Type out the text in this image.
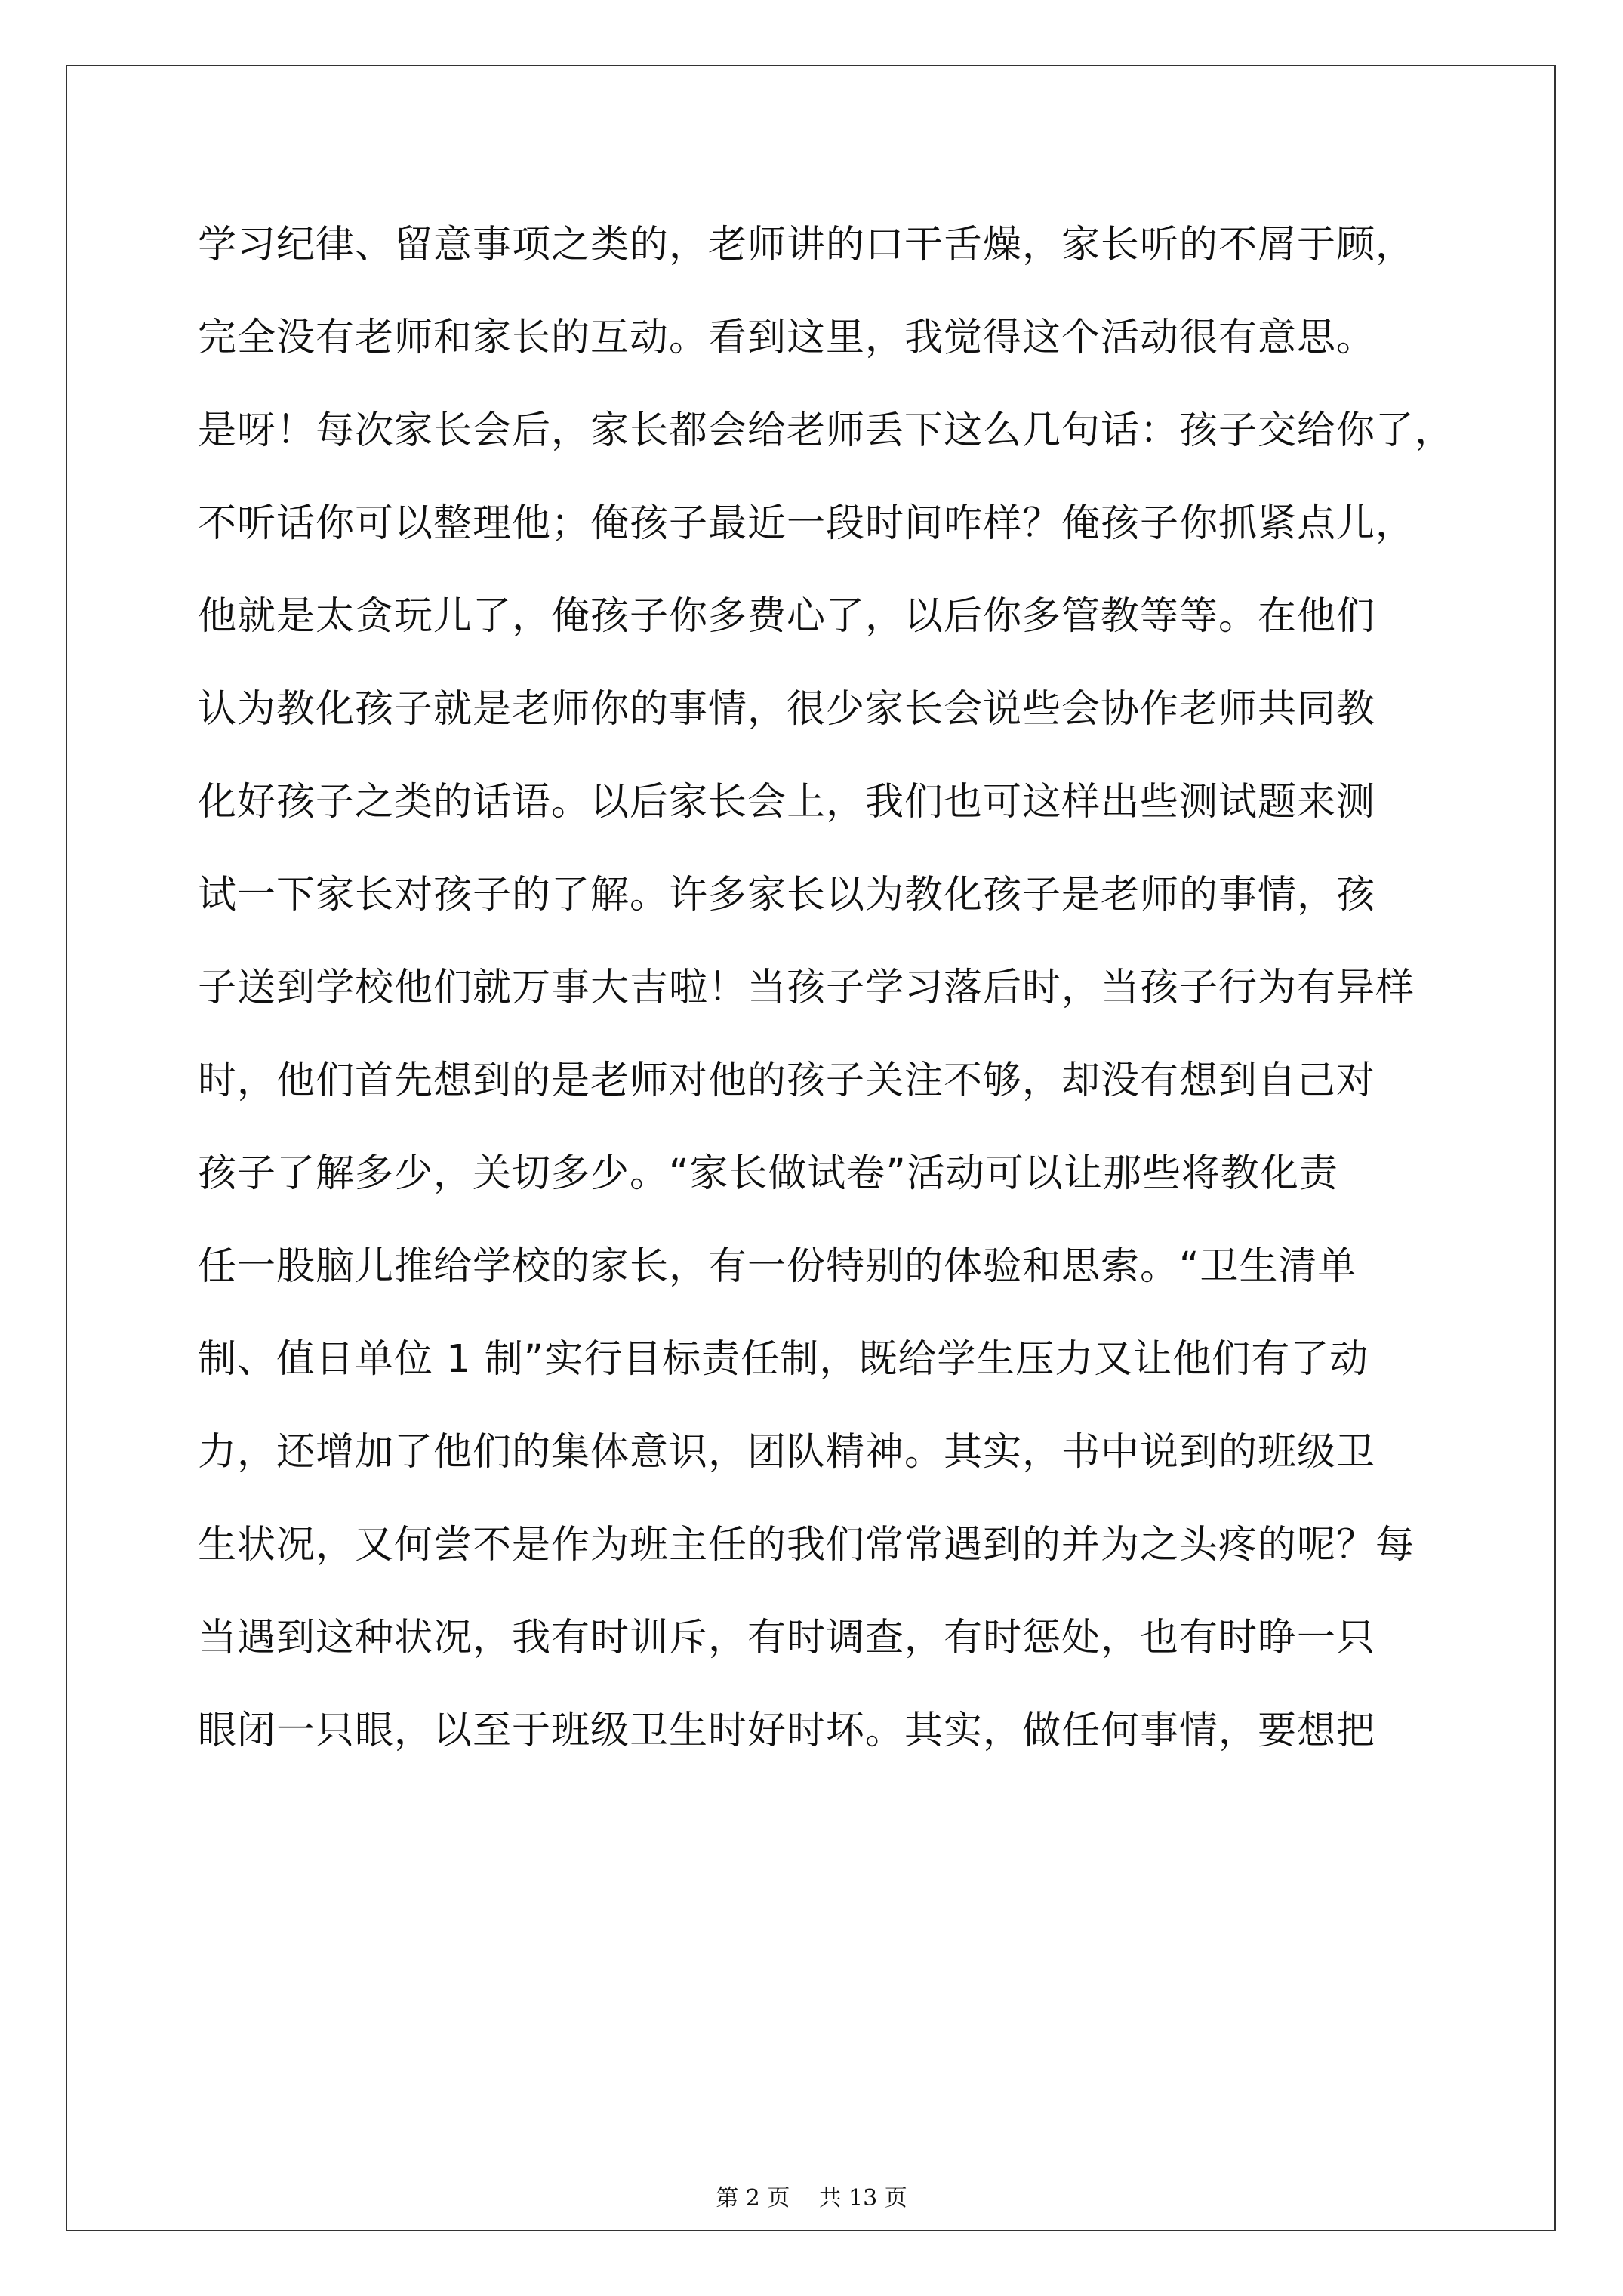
学习纪律、留意事项之类的，老师讲的口干舌燥，家长听的不屑于顾，

完全没有老师和家长的互动。看到这里，我觉得这个活动很有意思。

是呀！每次家长会后，家长都会给老师丢下这么几句话：孩子交给你了，

不听话你可以整理他；俺孩子最近一段时间咋样？俺孩子你抓紧点儿，

他就是太贪玩儿了，俺孩子你多费心了，以后你多管教等等。在他们

认为教化孩子就是老师你的事情，很少家长会说些会协作老师共同教

化好孩子之类的话语。以后家长会上，我们也可这样出些测试题来测

试一下家长对孩子的了解。许多家长以为教化孩子是老师的事情，孩

子送到学校他们就万事大吉啦！当孩子学习落后时，当孩子行为有异样

时，他们首先想到的是老师对他的孩子关注不够，却没有想到自己对

孩子了解多少，关切多少。“家长做试卷”活动可以让那些将教化责

任一股脑儿推给学校的家长，有一份特别的体验和思索。“卫生清单

制、值日单位 1 制”实行目标责任制，既给学生压力又让他们有了动

力，还增加了他们的集体意识，团队精神。其实，书中说到的班级卫

生状况，又何尝不是作为班主任的我们常常遇到的并为之头疼的呢？每

当遇到这种状况，我有时训斥，有时调查，有时惩处，也有时睁一只

眼闭一只眼，以至于班级卫生时好时坏。其实，做任何事情，要想把

第 2 页    共 13 页
